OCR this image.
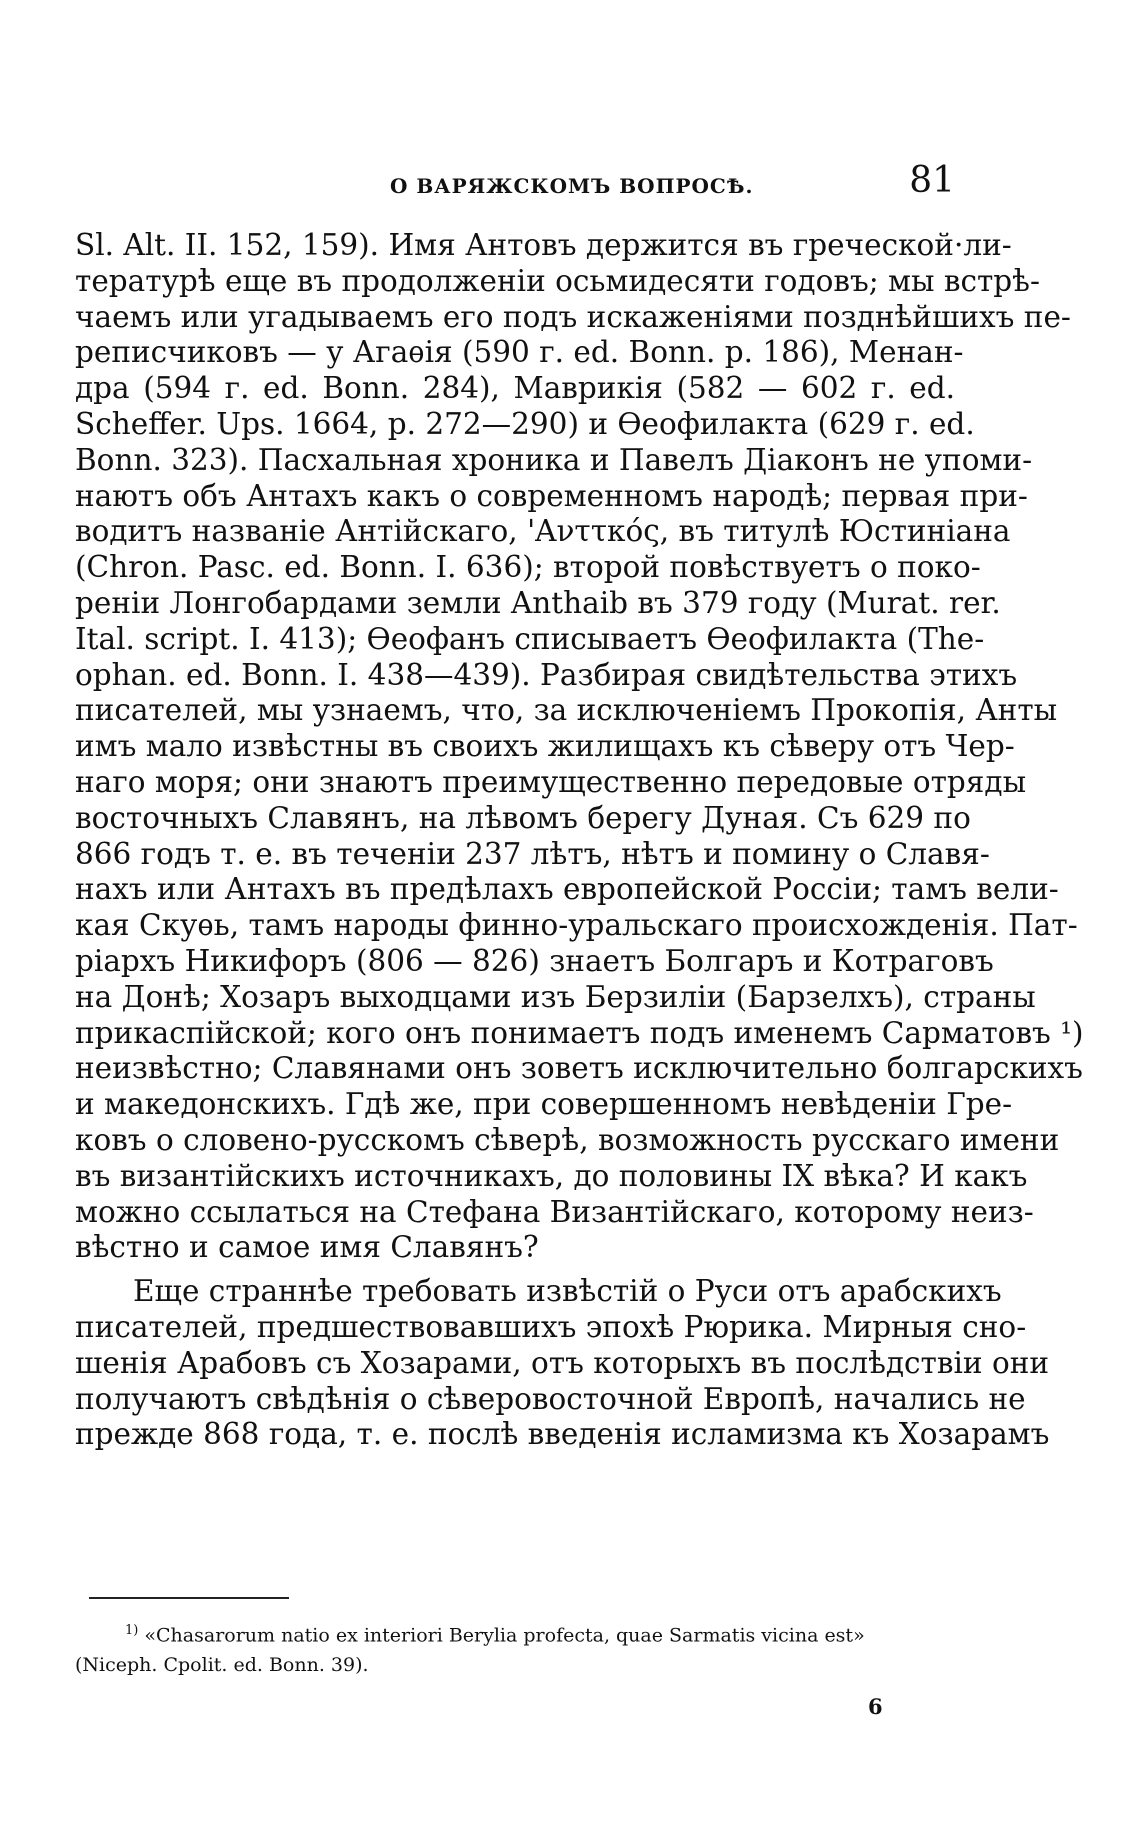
О ВАРЯЖСКОМЪ ВОПРОСѢ.	81
Sl. Alt. II. 152, 159). Имя Антовъ держится въ греческой·ли-
тературѣ еще въ продолженіи осьмидесяти годовъ; мы встрѣ-
чаемъ или угадываемъ его подъ искаженіями позднѣйшихъ пе-
реписчиковъ — у Агаѳія (590 г. ed. Bonn. p. 186), Менан-
дра (594 г. ed. Bonn. 284), Маврикія (582 — 602 г. ed.
Scheffer. Ups. 1664, p. 272—290) и Ѳеофилакта (629 г. ed.
Bonn. 323). Пасхальная хроника и Павелъ Діаконъ не упоми-
наютъ объ Антахъ какъ о современномъ народѣ; первая при-
водитъ названіе Антійскаго, 'Ανττκός, въ титулѣ Юстиніана
(Chron. Pasc. ed. Bonn. I. 636); второй повѣствуетъ о поко-
реніи Лонгобардами земли Anthaib въ 379 году (Murat. rer.
Ital. script. I. 413); Ѳеофанъ списываетъ Ѳеофилакта (The-
ophan. ed. Bonn. I. 438—439). Разбирая свидѣтельства этихъ
писателей, мы узнаемъ, что, за исключеніемъ Прокопія, Анты
имъ мало извѣстны въ своихъ жилищахъ къ сѣверу отъ Чер-
наго моря; они знаютъ преимущественно передовые отряды
восточныхъ Славянъ, на лѣвомъ берегу Дуная. Съ 629 по
866 годъ т. е. въ теченіи 237 лѣтъ, нѣтъ и помину о Славя-
нахъ или Антахъ въ предѣлахъ европейской Россіи; тамъ вели-
кая Скуѳь, тамъ народы финно-уральскаго происхожденія. Пат-
ріархъ Никифоръ (806 — 826) знаетъ Болгаръ и Котраговъ
на Донѣ; Хозаръ выходцами изъ Берзиліи (Барзелхъ), страны
прикаспійской; кого онъ понимаетъ подъ именемъ Сарматовъ ¹)
неизвѣстно; Славянами онъ зоветъ исключительно болгарскихъ
и македонскихъ. Гдѣ же, при совершенномъ невѣденіи Гре-
ковъ о словено-русскомъ сѣверѣ, возможность русскаго имени
въ византійскихъ источникахъ, до половины IX вѣка? И какъ
можно ссылаться на Стефана Византійскаго, которому неиз-
вѣстно и самое имя Славянъ?
Еще страннѣе требовать извѣстій о Руси отъ арабскихъ
писателей, предшествовавшихъ эпохѣ Рюрика. Мирныя сно-
шенія Арабовъ съ Хозарами, отъ которыхъ въ послѣдствіи они
получаютъ свѣдѣнія о сѣверовосточной Европѣ, начались не
прежде 868 года, т. е. послѣ введенія исламизма къ Хозарамъ
$^{1)}$ «Chasarorum natio ex interiori Berylia profecta, quae Sarmatis vicina est»
(Niceph. Cpolit. ed. Bonn. 39).
6
